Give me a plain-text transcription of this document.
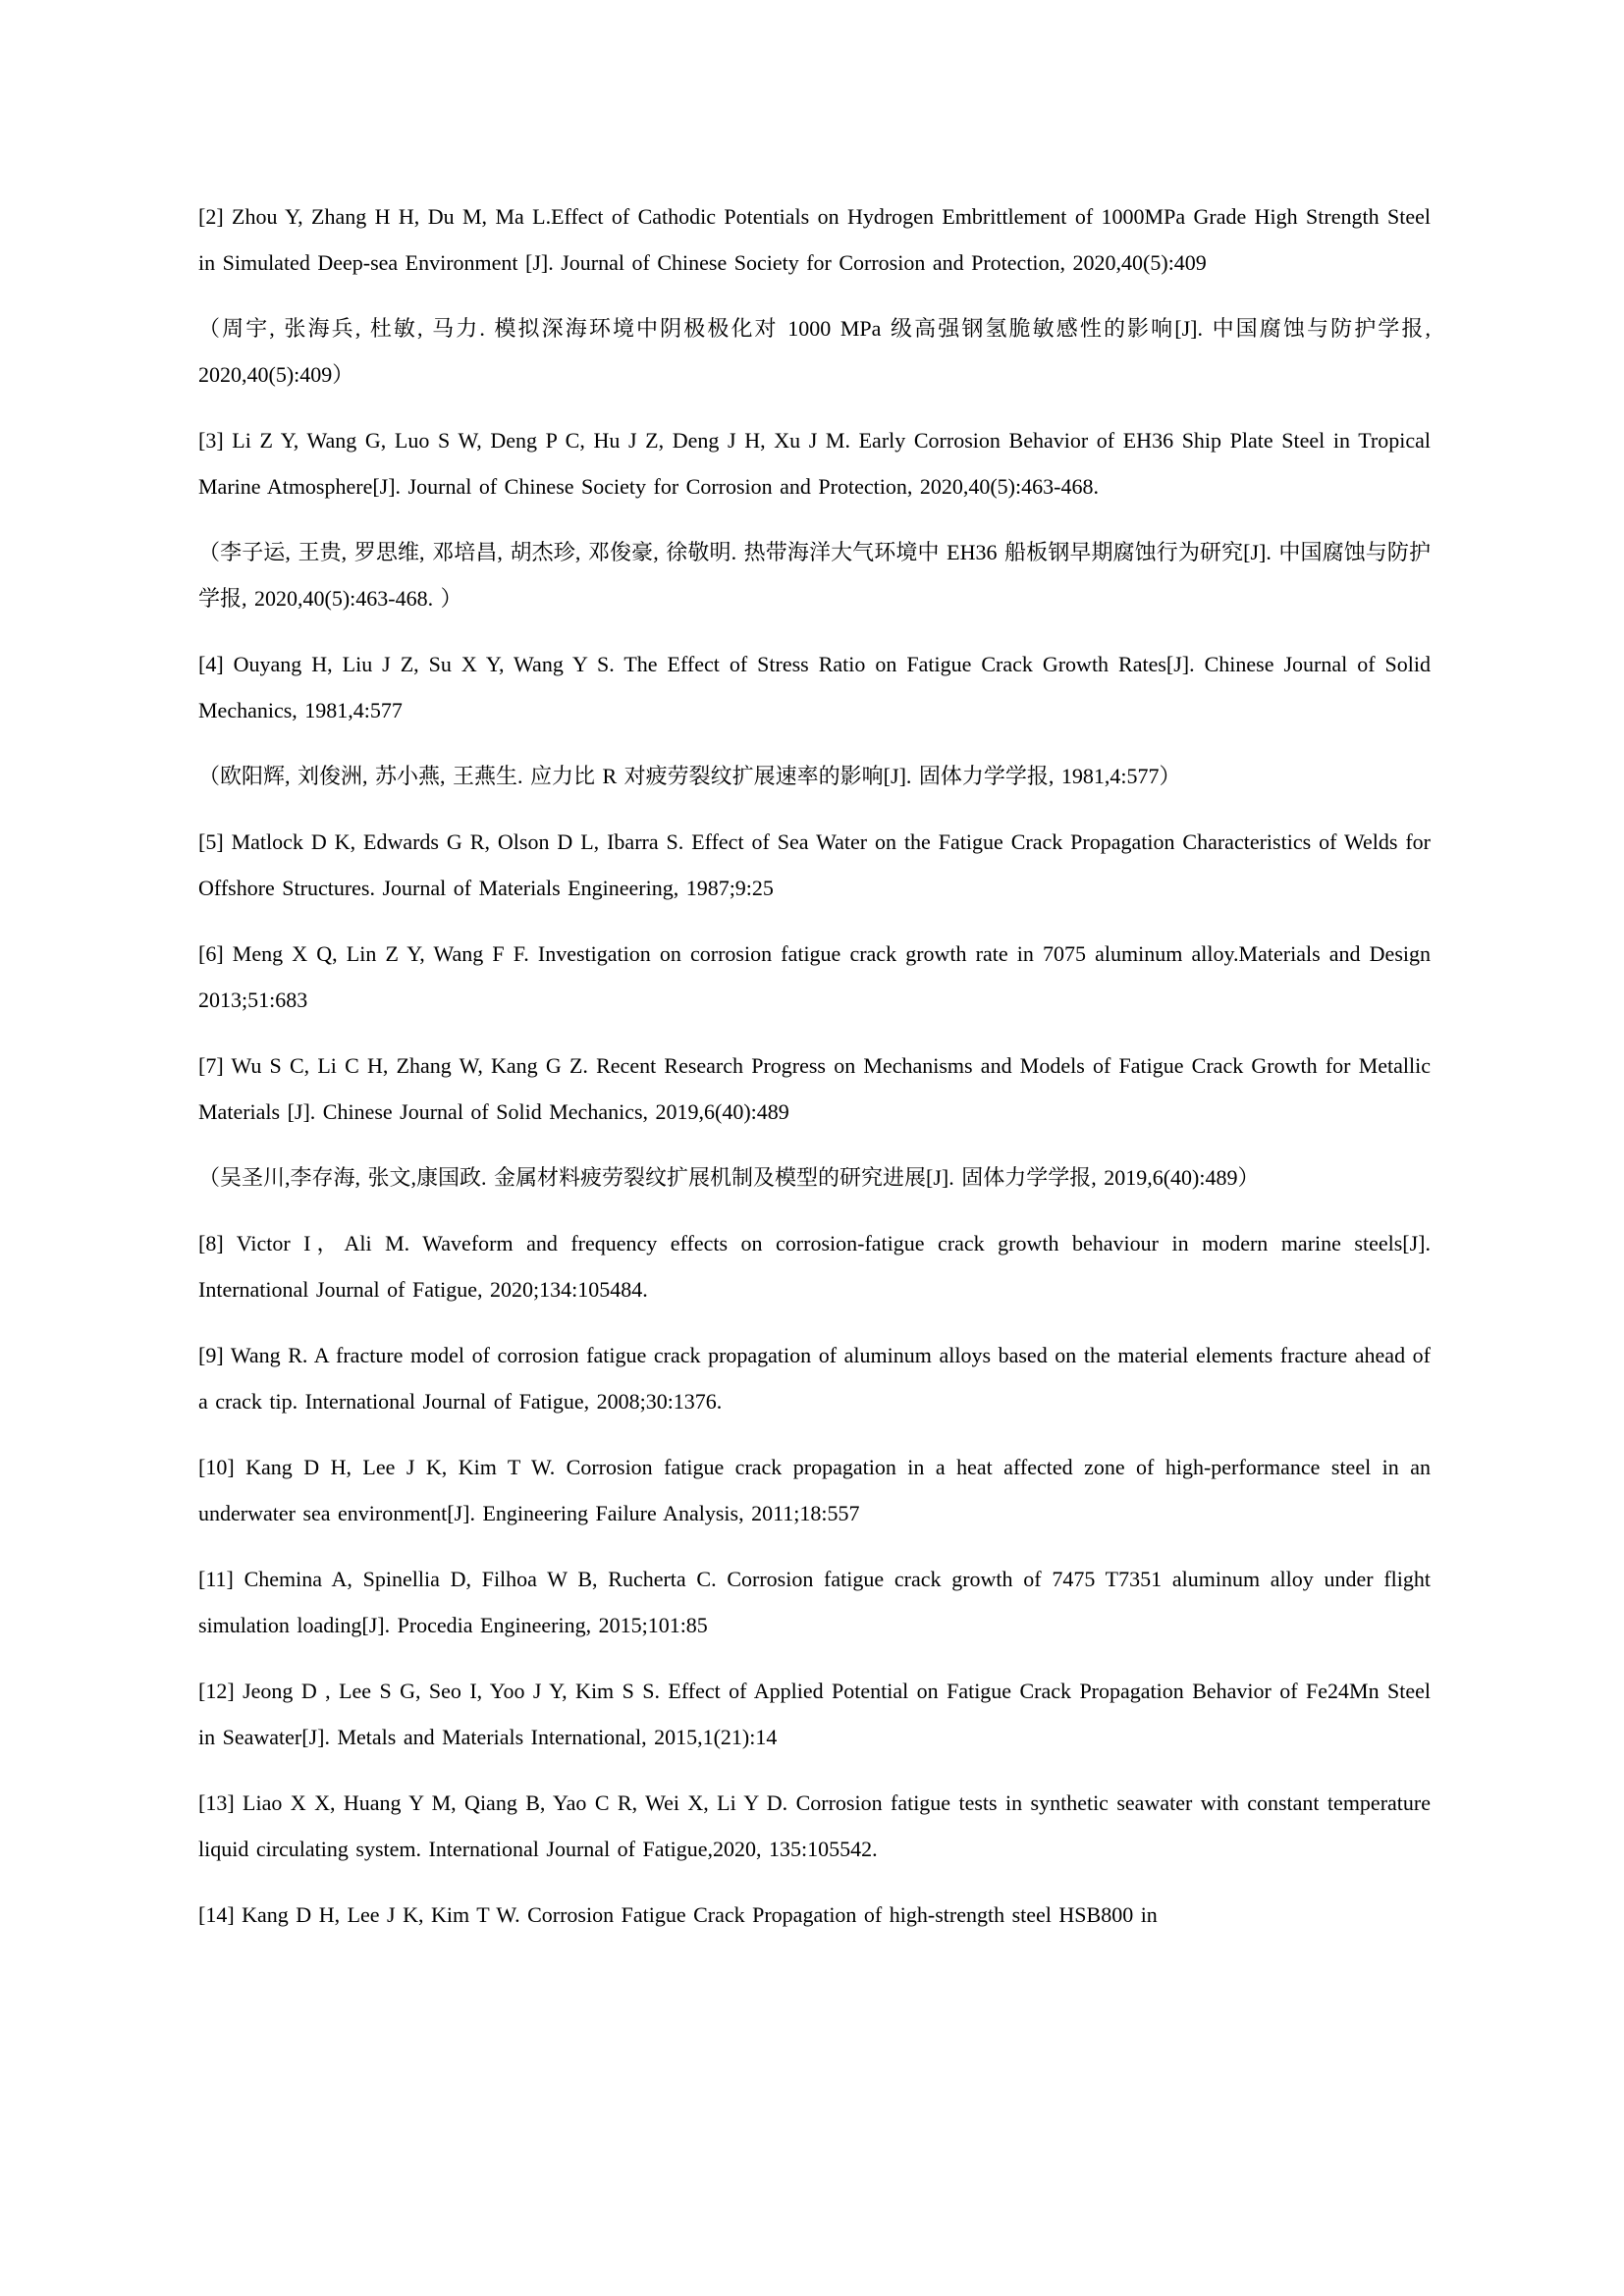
[2] Zhou Y, Zhang H H, Du M, Ma L.Effect of Cathodic Potentials on Hydrogen Embrittlement of 1000MPa Grade High Strength Steel in Simulated Deep-sea Environment [J]. Journal of Chinese Society for Corrosion and Protection, 2020,40(5):409
（周宇, 张海兵, 杜敏, 马力. 模拟深海环境中阴极极化对 1000 MPa 级高强钢氢脆敏感性的影响[J]. 中国腐蚀与防护学报, 2020,40(5):409）
[3] Li Z Y, Wang G, Luo S W, Deng P C, Hu J Z, Deng J H, Xu J M. Early Corrosion Behavior of EH36 Ship Plate Steel in Tropical Marine Atmosphere[J]. Journal of Chinese Society for Corrosion and Protection, 2020,40(5):463-468.
（李子运, 王贵, 罗思维, 邓培昌, 胡杰珍, 邓俊豪, 徐敬明. 热带海洋大气环境中 EH36 船板钢早期腐蚀行为研究[J]. 中国腐蚀与防护学报, 2020,40(5):463-468. ）
[4] Ouyang H, Liu J Z, Su X Y, Wang Y S. The Effect of Stress Ratio on Fatigue Crack Growth Rates[J]. Chinese Journal of Solid Mechanics, 1981,4:577
（欧阳辉, 刘俊洲, 苏小燕, 王燕生. 应力比 R 对疲劳裂纹扩展速率的影响[J]. 固体力学学报, 1981,4:577）
[5] Matlock D K, Edwards G R, Olson D L, Ibarra S. Effect of Sea Water on the Fatigue Crack Propagation Characteristics of Welds for Offshore Structures. Journal of Materials Engineering, 1987;9:25
[6] Meng X Q, Lin Z Y, Wang F F. Investigation on corrosion fatigue crack growth rate in 7075 aluminum alloy.Materials and Design 2013;51:683
[7] Wu S C, Li C H, Zhang W, Kang G Z. Recent Research Progress on Mechanisms and Models of Fatigue Crack Growth for Metallic Materials [J]. Chinese Journal of Solid Mechanics, 2019,6(40):489
（吴圣川,李存海, 张文,康国政. 金属材料疲劳裂纹扩展机制及模型的研究进展[J]. 固体力学学报, 2019,6(40):489）
[8] Victor I，Ali M. Waveform and frequency effects on corrosion-fatigue crack growth behaviour in modern marine steels[J]. International Journal of Fatigue, 2020;134:105484.
[9] Wang R. A fracture model of corrosion fatigue crack propagation of aluminum alloys based on the material elements fracture ahead of a crack tip. International Journal of Fatigue, 2008;30:1376.
[10] Kang D H, Lee J K, Kim T W. Corrosion fatigue crack propagation in a heat affected zone of high-performance steel in an underwater sea environment[J]. Engineering Failure Analysis, 2011;18:557
[11] Chemina A, Spinellia D, Filhoa W B, Rucherta C. Corrosion fatigue crack growth of 7475 T7351 aluminum alloy under flight simulation loading[J]. Procedia Engineering, 2015;101:85
[12] Jeong D , Lee S G, Seo I, Yoo J Y, Kim S S. Effect of Applied Potential on Fatigue Crack Propagation Behavior of Fe24Mn Steel in Seawater[J]. Metals and Materials International, 2015,1(21):14
[13] Liao X X, Huang Y M, Qiang B, Yao C R, Wei X, Li Y D. Corrosion fatigue tests in synthetic seawater with constant temperature liquid circulating system. International Journal of Fatigue,2020, 135:105542.
[14] Kang D H, Lee J K, Kim T W. Corrosion Fatigue Crack Propagation of high-strength steel HSB800 in
